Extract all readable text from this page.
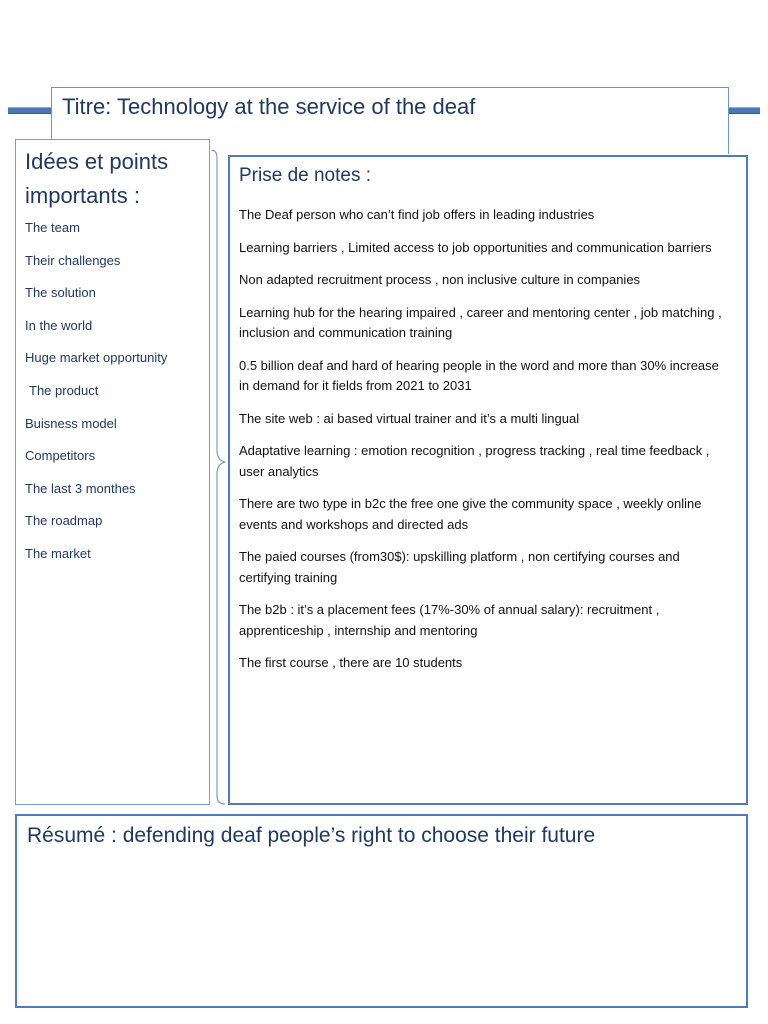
Titre: Technology at the service of the deaf
Idées et points importants :
The team
Their challenges
The solution
In the world
Huge market opportunity
The product
Buisness model
Competitors
The last 3 monthes
The roadmap
The market
Prise de notes :
The Deaf person who can’t find job offers in leading industries
Learning barriers , Limited access to job opportunities and communication barriers
Non adapted recruitment process , non inclusive culture in companies
Learning hub for the hearing impaired , career and mentoring center , job matching , inclusion and communication training
0.5 billion deaf and hard of hearing people in the word and more than 30% increase in demand for it fields from 2021 to 2031
The site web : ai based virtual trainer and it’s a multi lingual
Adaptative learning : emotion recognition , progress tracking , real time feedback , user analytics
There are two type in b2c the free one give the community space , weekly online events and workshops and directed ads
The paied courses (from30$): upskilling platform , non certifying courses and certifying training
The b2b : it’s a placement fees (17%-30% of annual salary): recruitment , apprenticeship , internship and mentoring
The first course , there are 10 students
Résumé : defending deaf people’s right to choose their future
